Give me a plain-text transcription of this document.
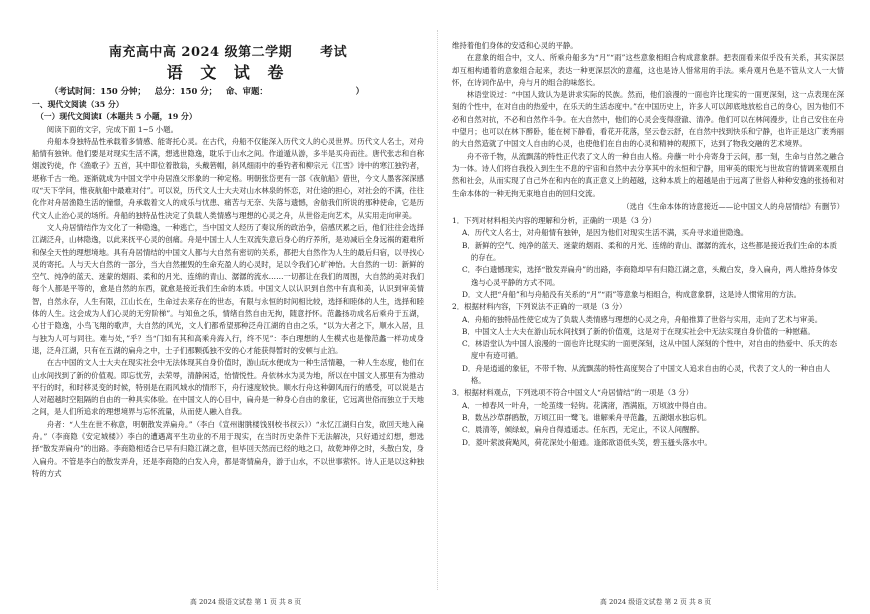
南充高中高 2024 级第二学期 考试
语 文 试 卷
（考试时间：150 分钟； 总分：150 分； 命、审题：	）
一、现代文阅读（35 分）
（一）现代文阅读Ⅰ（本题共 5 小题，19 分）

阅读下面的文字，完成下面 1~5 小题。

舟船本身独特品性承载着多情感、能寄托心灵。在古代，舟船不仅能深入历代文人的心灵世界。历代文人名士，对舟船情有独钟。他们要是对现实生活不满，想逃世隐逸，耽乐于山水之间。作道遁从游，多半是买舟而往。唐代张志和自称烟波钓徒，作《渔歌子》五首，其中即位着散翁，头戴箬帽，斜风细雨中的垂钓者和柳宗元《江雪》诗中的寒江独钓者，堪称千古一绝。逐渐就成为中国文学中舟居渔父形象的一种定格。明朝张岱更有一部《夜航船》借世，今文人墨客深深感叹“天下学问，惟夜航船中最难对付”。可以说，历代文人士大夫对山水林泉的怀恋，对仕途的担心，对社会的不满，往往化作对舟居渔隐生活的憧憬，舟承载着文人的成乐与忧患、痛苦与无奈、失落与遗憾，舍舫我们所说的那种使命，它是历代文人止治心灵的场所。舟船的独特品性决定了负载人类情感与理想的心灵之舟，从世俗走向艺术，从实用走向审美。

文人舟居情结作为文化了一种隐逸，一种逃亡，当中国文人经历了奏议所的政治争，倍感厌累之后，他们往往会选择江湖泛舟，山林隐逸，以此来抚平心灵的创痛。舟是中国士人人生双流失意后身心的疗养所，是劝减后全身远祸的避难所和保全天性的理想境地。具有舟居情结的中国文人都与大自然有密切的关系，都把大自然作为人生的最后归宿，以寻找心灵的寄托。人与天大自然的一部分，当大自然摧毁的生命充盈人的心灵时，足以令我们心旷神怡。大自然的一切：新鲜的空气、纯净的蓝天、迷蒙的烟雨、柔和的月光、连绵的青山、潺潺的流水……一切都让在我们的周围，大自然的美对我们每个人都是平等的，愈是自然的东西，就愈是接近我们生命的本质。中国文人以认识到自然中有真和美，认识到审美情智，自然永存，人生有限，江山长在，生命过去来存在的世态，有限与永恒的时间相比较，选择和睦体的人生，选择和睦体的人生。这会成为人们心灵的无穷阶梯”。与知鱼之乐，情绪自然自由无拘，随意抒怀。范蠡扬功成名后乘舟于五湖，心甘于隐逸，小鸟飞翔的歌声，大自然的风光，文人们都希望那种泛舟江湖的自由之乐，“以为大者之下，顺水入居，且与独为人可与同往。难与处，”乎？当“门如有其和高乘舟海入行，终不见”：李白理想的人生模式也是像范蠡一样功成身退，泛舟江湖，只有在五湖的扁舟之中，士子们那颗孤独不安的心才能获得暂时的安顿与止泊。

在古中国的文人士大夫在现实社会中无法体现其自身价值时，游山玩水便成为一种生活情趣，一种人生态度，他们在山水间找到了新的价值观。即忘忧劳，去荣辱，清静闲适，怡情悦性。舟依林水为灵为地，所以在中国文人那里有为推动平行的时，和时移灵变的时候，特别是在雨风城水的情形下，舟行速度较快。顺水行舟这种御风而行的感受，可以说是古人对超越时空阻隔的自由的一种具实体验。在中国文人的心目中，扁舟是一种身心自由的象征，它远离世俗而独立于天地之间，是人们所追求的理想境界与忘怀流量，从而使人融入自我。

舟者：“人生在世不称意，明朝散发弄扁舟。”（李白《宣州谢朓楼饯别校书叔云》）“永忆江湖归白发，欲回天地入扁舟。”（李商隐《安定城楼》）李白的遭遇离平生功业的不用于现实，在当时历史条件下无法解决，只好通过幻想，想选择“散发弄扁舟”的出路。李商隐相适合已早有归隐江湖之意，但毕回天然而已经的地之口，故乾坤停之时，头散白发，身入扁舟。不管是李白的散发弄舟，还是李商隐的白发入舟，都是寄情扁舟，游于山水，不以世事萦怀。诗人正是以这种独特的方式

维持着他们身体的安适和心灵的平静。

在意象的组合中，文人、所乘舟船多为“月”“雨”这些意象相组合构成意象群。把表面看来似乎没有关系，其实深层却互相构通着的意象组合起来，表达一种更深层次的意蕴，这也是诗人惜常用的手法。乘舟观月色是不管从文人一大情怀，在诗词作品中，舟与月的组合韵味悠长。

林语堂说过：“中国人致认为是讲求实际的民族。然而，他们浪漫的一面也许比现实的一面更深刻，这一点表现在深刻的个性中，在对自由的热爱中，在乐天的生活态度中。”在中国历史上，许多人可以卸底地放松自己的身心，因为他们不必和自然对抗，不必和自然作斗争。在大自然中，他们的心灵会变得澄澈、清净。他们可以在林间漫步，让自己安住在舟中望月；也可以在林下醉卧，能在树下静看，看花开花落，坚云卷云舒，在自然中找到快乐和宁静，也许正是这广袤秀丽的大自然造就了中国文人自由的心灵，也使他们在自由的心灵和精神的观照下，达到了物我交融的艺术境界。

舟不帝千物，从流飘荡的特性正代表了文人的一种自由人格。舟蘸一叶小舟寄身于云间，那一刻，生命与自然之融合为一体。诗人们将自我投入到生生不息的宇宙和自然中去分享其中的永恒和宁静，用审美的眼光与世故官的情调来观照自然和社会，从而实现了自己外在和内在的真正意义上的超越，这种本质上的超越是由于远离了世俗人种种安逸的张扬和对生命本体的一种无拘无束地自由的回归交流。

（选自《生命本体的诗意接近——论中国文人的舟居情结》有删节）

1．下列对材料相关内容的理解和分析，正确的一项是（3 分）

A．历代文人名士，对舟船情有独钟，是因为他们对现实生活不满，买舟寻求道世隐逸。

B．新鲜的空气、纯净的蓝天、迷蒙的烟雨、柔和的月光、连绵的青山、潺潺的流水，这些都是接近我们生命的本质的存在。

C．李白遗憾现实，选择“散发弄扁舟”的出路，李商隐却早有归隐江湖之意，头戴白发，身入扁舟，两人维持身体安逸与心灵平静的方式不同。

D．文人把“舟船”和与舟船没有关系的“月”“雨”等意象与相组合，构成意象群，这是诗人惯常用的方法。

2．根据材料内容，下列说法不正确的一项是（3 分）

A．舟船的独特品性使它成为了负载人类情感与理想的心灵之舟，舟船推算了世俗与实用，走向了艺术与审美。

B．中国文人士大夫在游山玩水间找到了新的价值观，这是对于在现实社会中无法实现自身价值的一种慰藉。

C．林语堂认为中国人浪漫的一面也许比现实的一面更深刻，这从中国人深刻的个性中，对自由的热爱中、乐天的态度中有迹可循。

D．舟是逍遥的象征，不带千物、从流飘荡的特性高度契合了中国文人追求自由的心灵，代表了文人的一种自由人格。

3．根据材料观点，下列选项不符合中国文人“舟居情结”的一项是（3 分）

A．一棹春风一叶舟，一纶茧缕一轻钩。花满渚，酒满瓯，万顷波中得自由。

B．数丛沙草群鸥散，万顷江田一鹭飞。谁解乘舟寻范蠡，五湖烟水独忘机。

C．晨清等，倾绿蚁，扁舟自得逍遥志。任东西，无定止，不议人间醒醉。

D．菱叶萦波荷飐风，荷花深处小船通。逢郎欲语低头笑，碧玉搔头落水中。

高 2024 级语文试卷 第 1 页 共 8 页	高 2024 级语文试卷 第 2 页 共 8 页
